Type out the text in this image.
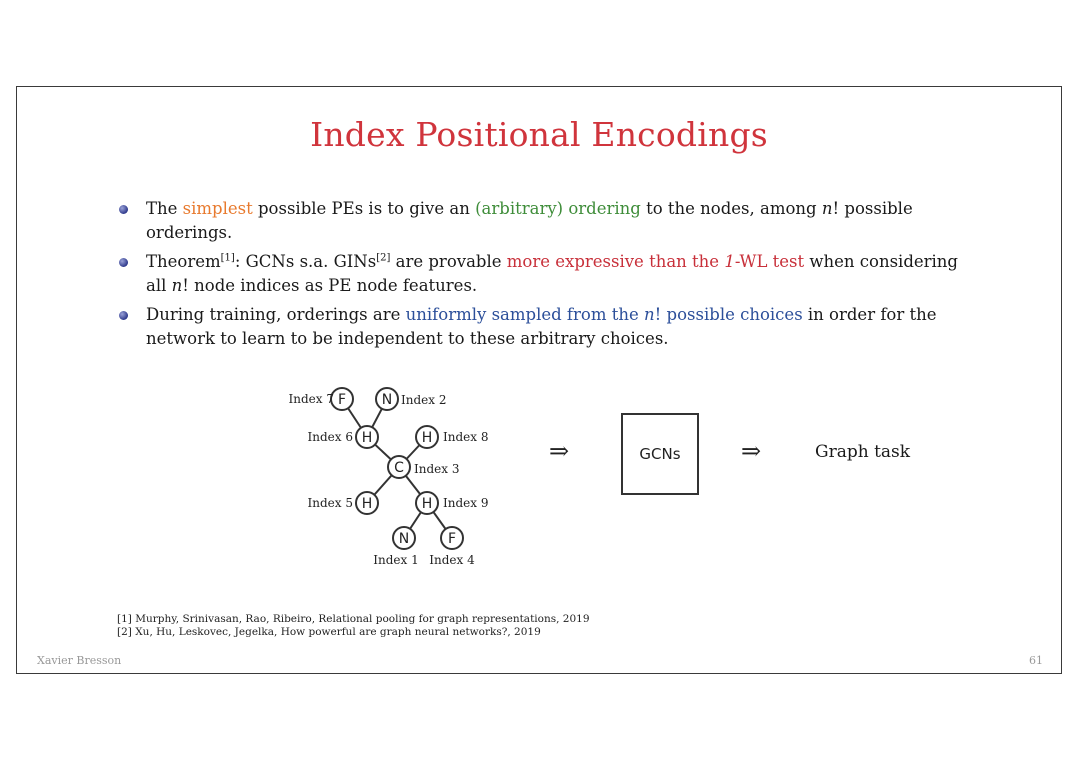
Index Positional Encodings
The simplest possible PEs is to give an (arbitrary) ordering to the nodes, among n! possible orderings.
Theorem[1]: GCNs s.a. GINs[2] are provable more expressive than the 1-WL test when considering all n! node indices as PE node features.
During training, orderings are uniformly sampled from the n! possible choices in order for the network to learn to be independent to these arbitrary choices.
F
Index 7	N Index 2
H
Index 6	H Index 8
C Index 3
H
Index 5	H Index 9
N
Index 1
F
Index 4
⇒	GCNs	⇒	Graph task
[1] Murphy, Srinivasan, Rao, Ribeiro, Relational pooling for graph representations, 2019
[2] Xu, Hu, Leskovec, Jegelka, How powerful are graph neural networks?, 2019
Xavier Bresson	61
